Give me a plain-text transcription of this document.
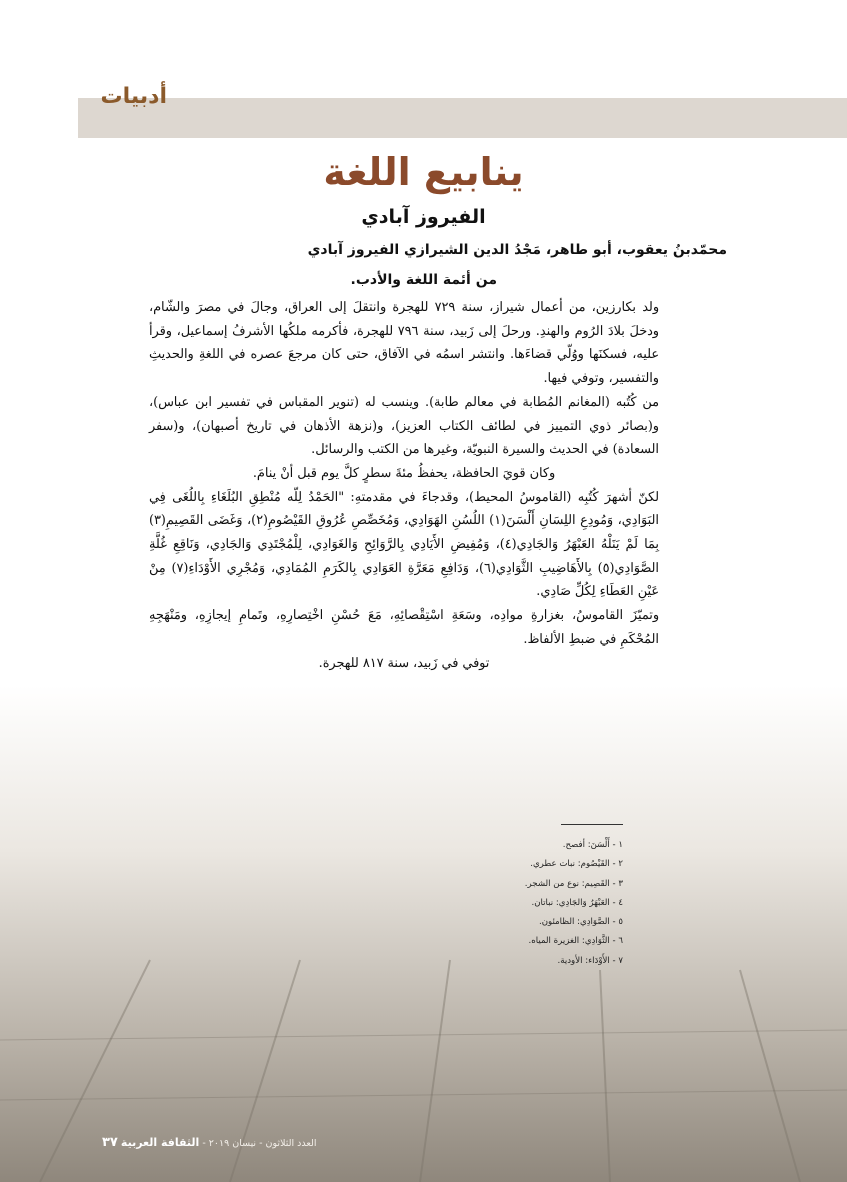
أدبيات
ينابيع اللغة
الفيروز آبادي
محمّدبنُ يعقوب، أبو طاهر، مَجْدُ الدين الشيرازي الفيروز آبادي
من أئمة اللغة والأدب.

ولد بكارزين، من أعمال شيراز، سنة ٧٢٩ للهجرة وانتقلَ إلى العراق، وجالَ في مصرَ والشّام، ودخلَ بلادَ الرُوم والهندِ. ورحلَ إلى زَبيد، سنة ٧٩٦ للهجرة، فأكرمه ملكُها الأشرفُ إسماعيل، وقرأ عليه، فسكنَها ووُلّي قضاءَها. وانتشر اسمُه في الآفاق، حتى كان مرجعَ عصره في اللغةِ والحديثِ والتفسير، وتوفي فيها.

من كُتُبه (المغانم المُطابة في معالم طابة). وينسب له (تنوير المقباس في تفسير ابن عباس)، و(بصائر ذوي التمييز في لطائف الكتاب العزيز)، و(نزهة الأذهان في تاريخ أصبهان)، و(سفر السعادة) في الحديث والسيرة النبويّة، وغيرها من الكتب والرسائل.

وكان قويَ الحافظة، يحفظُ مئةَ سطرٍ كلَّ يوم قبل أنْ ينامَ.

لكنّ أشهرَ كُتُبِه (القاموسُ المحيط)، وقدجاءَ في مقدمتهِ: "الحَمْدُ لِلّه مُنْطِقِ البُلَغَاءِ بِاللُغَى فِي البَوَادِي، وَمُودِعِ اللِسَانِ أَلْسَنَ(١) اللُسُنِ الهَوَادِي، وَمُخَصِّصِ عُرُوقِ القَيْصُومِ(٢)، وَغَضَى القَصِيمِ(٣) بِمَا لَمْ يَنَلْهُ العَبْهَرُ وَالجَادِي(٤)، وَمُفِيضِ الأَيَادِي بِالرَّوَائِحِ وَالغَوَادِي، لِلْمُجْتَدِي وَالجَادِي، وَنَاقِعِ غُلَّةِ الصَّوَادِي(٥) بِالأَهَاضِيبِ الثَّوَادِي(٦)، وَدَافِعِ مَعَرَّةِ العَوَادِي بِالكَرَمِ المُمَادِي، وَمُجْرِي الأَوْدَاءِ(٧) مِنْ عَيْنِ العَطَاءِ لِكُلِّ صَادِي.

وتميّزَ القاموسُ، بغزارةِ موادِه، وسَعَةِ اسْتِقْصائِهِ، مَعَ حُسْنِ اخْتِصارِهِ، وتَمامِ إيجازِهِ، ومَنْهَجِهِ المُحْكَمِ في ضبطِ الألفاظ.

توفي في زَبيد، سنة ٨١٧ للهجرة.

١ - أَلْسَنَ: أفصح.
٢ - القَيْصُوم: نبات عطري.
٣ - القَصِيم: نوع من الشجر.
٤ - العَبْهَرُ وَالجَادِي: نباتان.
٥ - الصَّوَادِي: الظامئون.
٦ - الثَّوَادِي: الغزيرة المياه.
٧ - الأَوْدَاء: الأودية.
العدد الثلاثون - نيسان ٢٠١٩ - الثقافة العربية ٣٧
